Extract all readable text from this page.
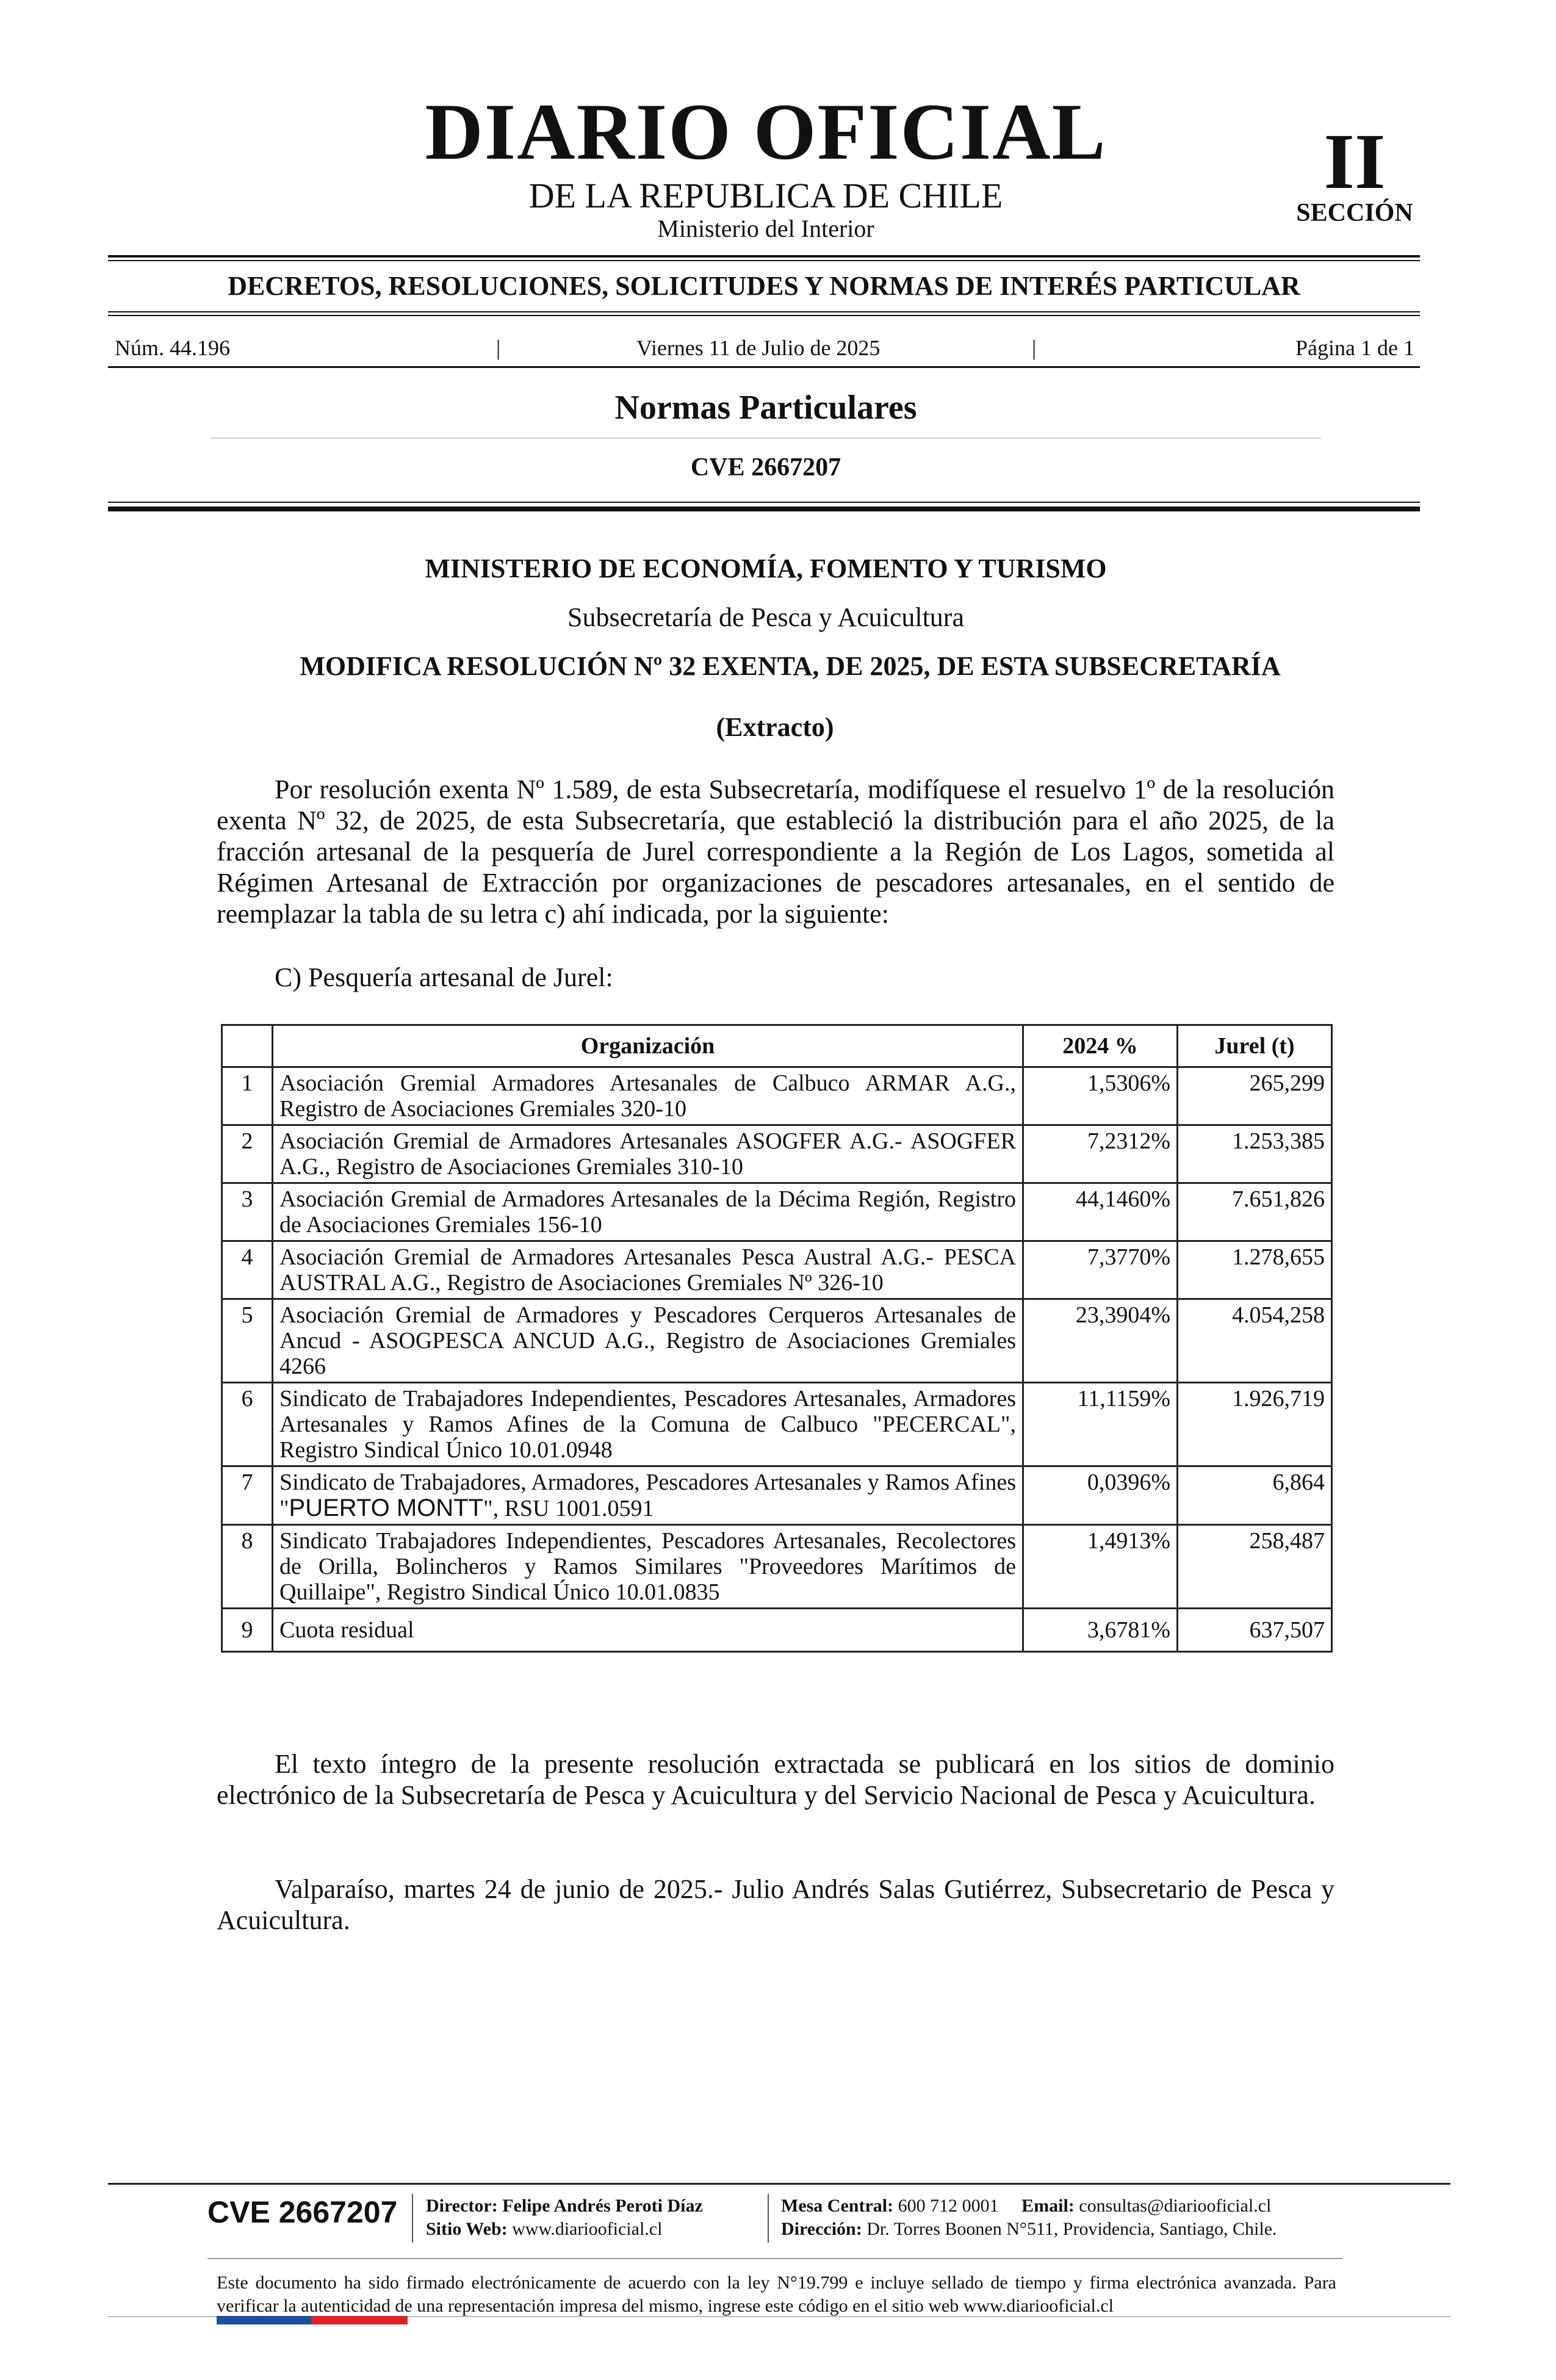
DIARIO OFICIAL
DE LA REPUBLICA DE CHILE
Ministerio del Interior
II
SECCIÓN
DECRETOS, RESOLUCIONES, SOLICITUDES Y NORMAS DE INTERÉS PARTICULAR
Núm. 44.196	|	Viernes 11 de Julio de 2025	|	Página 1 de 1
Normas Particulares
CVE 2667207
MINISTERIO DE ECONOMÍA, FOMENTO Y TURISMO
Subsecretaría de Pesca y Acuicultura
MODIFICA RESOLUCIÓN Nº 32 EXENTA, DE 2025, DE ESTA SUBSECRETARÍA
(Extracto)
Por resolución exenta Nº 1.589, de esta Subsecretaría, modifíquese el resuelvo 1º de la resolución exenta Nº 32, de 2025, de esta Subsecretaría, que estableció la distribución para el año 2025, de la fracción artesanal de la pesquería de Jurel correspondiente a la Región de Los Lagos, sometida al Régimen Artesanal de Extracción por organizaciones de pescadores artesanales, en el sentido de reemplazar la tabla de su letra c) ahí indicada, por la siguiente:
C) Pesquería artesanal de Jurel:
	Organización	2024 %	Jurel (t)
1	Asociación Gremial Armadores Artesanales de Calbuco ARMAR A.G., Registro de Asociaciones Gremiales 320-10	1,5306%	265,299
2	Asociación Gremial de Armadores Artesanales ASOGFER A.G.- ASOGFER A.G., Registro de Asociaciones Gremiales 310-10	7,2312%	1.253,385
3	Asociación Gremial de Armadores Artesanales de la Décima Región, Registro de Asociaciones Gremiales 156-10	44,1460%	7.651,826
4	Asociación Gremial de Armadores Artesanales Pesca Austral A.G.- PESCA AUSTRAL A.G., Registro de Asociaciones Gremiales Nº 326-10	7,3770%	1.278,655
5	Asociación Gremial de Armadores y Pescadores Cerqueros Artesanales de Ancud - ASOGPESCA ANCUD A.G., Registro de Asociaciones Gremiales 4266	23,3904%	4.054,258
6	Sindicato de Trabajadores Independientes, Pescadores Artesanales, Armadores Artesanales y Ramos Afines de la Comuna de Calbuco "PECERCAL", Registro Sindical Único 10.01.0948	11,1159%	1.926,719
7	Sindicato de Trabajadores, Armadores, Pescadores Artesanales y Ramos Afines "PUERTO MONTT", RSU 1001.0591	0,0396%	6,864
8	Sindicato Trabajadores Independientes, Pescadores Artesanales, Recolectores de Orilla, Bolincheros y Ramos Similares "Proveedores Marítimos de Quillaipe", Registro Sindical Único 10.01.0835	1,4913%	258,487
9	Cuota residual	3,6781%	637,507
El texto íntegro de la presente resolución extractada se publicará en los sitios de dominio electrónico de la Subsecretaría de Pesca y Acuicultura y del Servicio Nacional de Pesca y Acuicultura.
Valparaíso, martes 24 de junio de 2025.- Julio Andrés Salas Gutiérrez, Subsecretario de Pesca y Acuicultura.
CVE 2667207 Director: Felipe Andrés Peroti Díaz
Sitio Web: www.diariooficial.cl
Mesa Central: 600 712 0001 Email: consultas@diariooficial.cl
Dirección: Dr. Torres Boonen N°511, Providencia, Santiago, Chile.
Este documento ha sido firmado electrónicamente de acuerdo con la ley N°19.799 e incluye sellado de tiempo y firma electrónica avanzada. Para verificar la autenticidad de una representación impresa del mismo, ingrese este código en el sitio web www.diariooficial.cl
